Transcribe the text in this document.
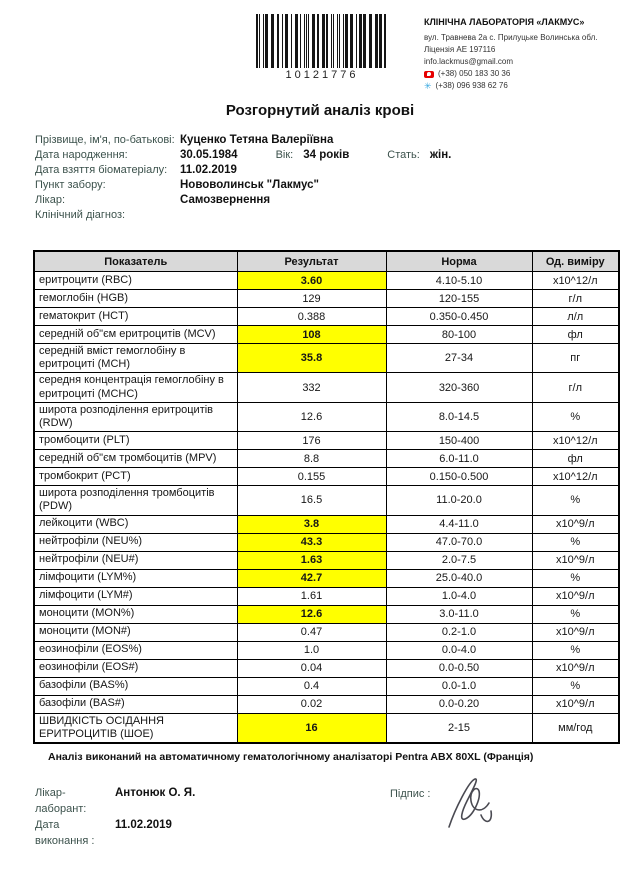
10121776
КЛІНІЧНА ЛАБОРАТОРІЯ «ЛАКМУС»
вул. Травнева 2а с. Прилуцьке Волинська обл.
Ліцензія АЕ 197116
info.lackmus@gmail.com
(+38) 050 183 30 36
✳ (+38) 096 938 62 76
Розгорнутий аналіз крові
Прізвище, ім'я, по-батькові: Куценко Тетяна Валеріївна
Дата народження:	30.05.1984	Вік: 34 років	Стать: жін.
Дата взяття біоматеріалу:	11.02.2019
Пункт забору:	Нововолинськ "Лакмус"
Лікар:	Самозвернення
Клінічний діагноз:
Показатель	Результат	Норма	Од. виміру
еритроцити (RBC)	3.60	4.10-5.10	x10^12/л
гемоглобін (HGB)	129	120-155	г/л
гематокрит (HCT)	0.388	0.350-0.450	л/л
середній об"єм еритроцитів (MCV)	108	80-100	фл
середній вміст гемоглобіну в еритроциті (MCH)	35.8	27-34	пг
середня концентрація гемоглобіну в еритроциті (MCHC)	332	320-360	г/л
широта розподілення еритроцитів (RDW)	12.6	8.0-14.5	%
тромбоцити (PLT)	176	150-400	x10^12/л
середній об"єм тромбоцитів (MPV)	8.8	6.0-11.0	фл
тромбокрит (PCT)	0.155	0.150-0.500	x10^12/л
широта розподілення тромбоцитів (PDW)	16.5	11.0-20.0	%
лейкоцити (WBC)	3.8	4.4-11.0	x10^9/л
нейтрофіли (NEU%)	43.3	47.0-70.0	%
нейтрофіли (NEU#)	1.63	2.0-7.5	x10^9/л
лімфоцити (LYM%)	42.7	25.0-40.0	%
лімфоцити (LYM#)	1.61	1.0-4.0	x10^9/л
моноцити (MON%)	12.6	3.0-11.0	%
моноцити (MON#)	0.47	0.2-1.0	x10^9/л
еозинофіли (EOS%)	1.0	0.0-4.0	%
еозинофіли (EOS#)	0.04	0.0-0.50	x10^9/л
базофіли (BAS%)	0.4	0.0-1.0	%
базофіли (BAS#)	0.02	0.0-0.20	x10^9/л
ШВИДКІСТЬ ОСІДАННЯ ЕРИТРОЦИТІВ (ШОЕ)	16	2-15	мм/год
Аналіз виконаний на автоматичному гематологічному аналізаторі Pentra ABX 80XL (Франція)
Лікар-лаборант:
Антонюк О. Я.
Дата виконання :
11.02.2019
Підпис :
